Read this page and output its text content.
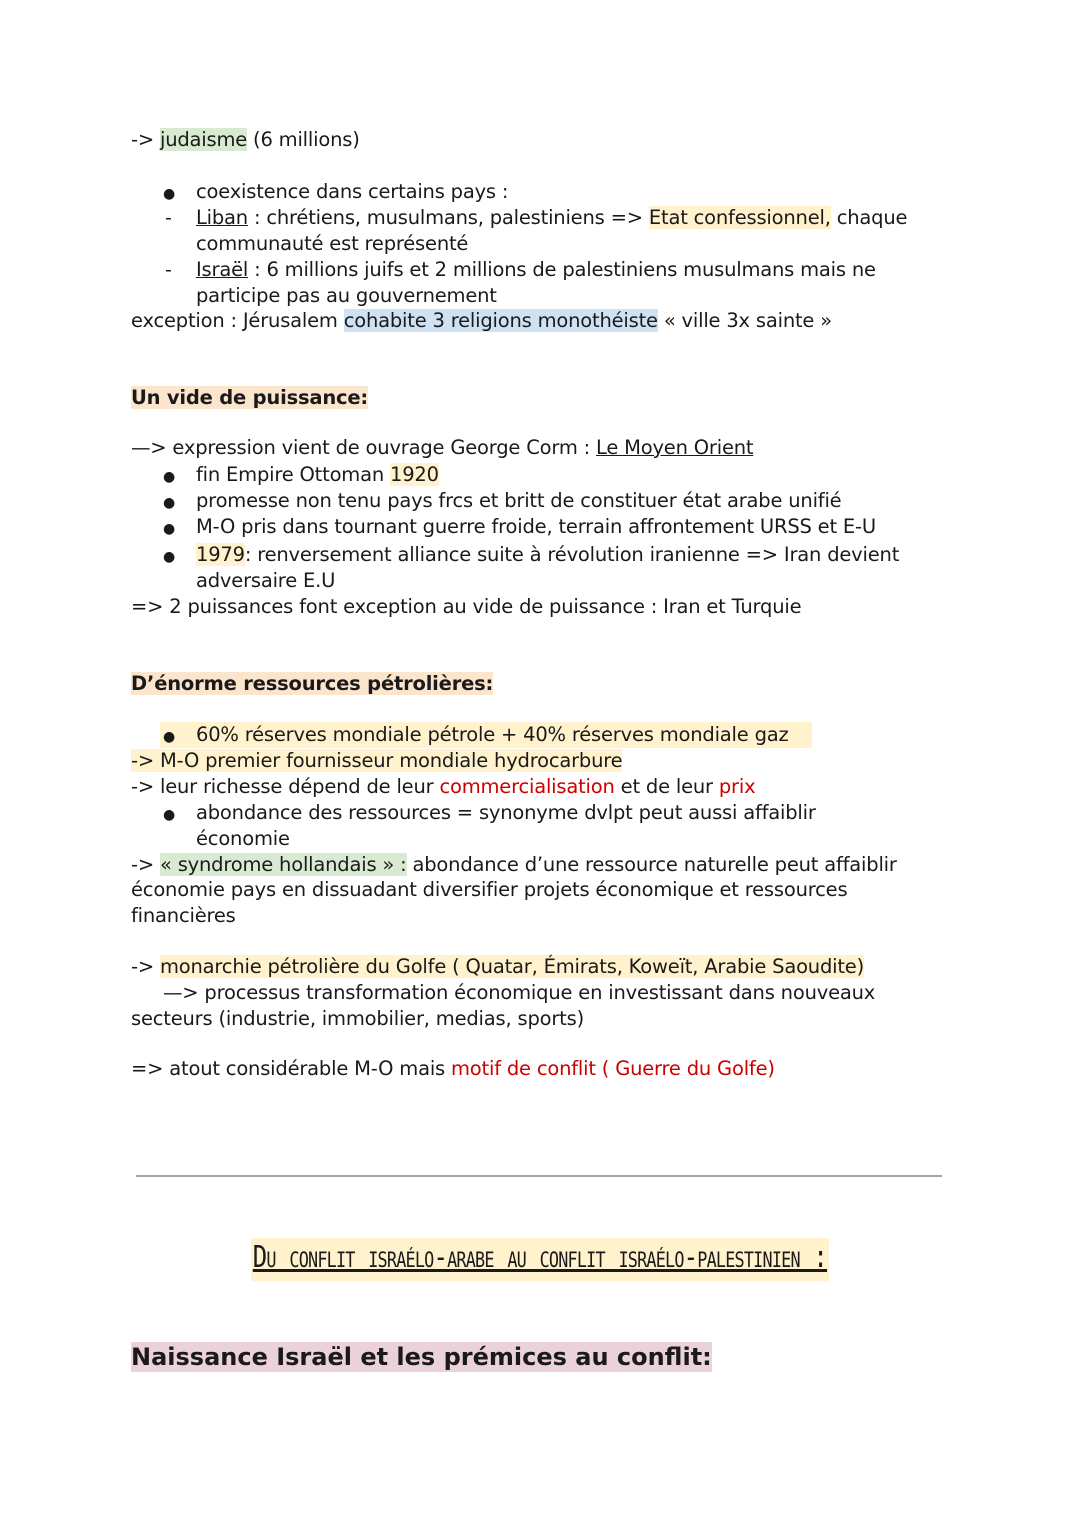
-> judaisme (6 millions)
● coexistence dans certains pays :
- Liban : chrétiens, musulmans, palestiniens => Etat confessionnel, chaque
communauté est représenté
- Israël : 6 millions juifs et 2 millions de palestiniens musulmans mais ne
participe pas au gouvernement
exception : Jérusalem cohabite 3 religions monothéiste « ville 3x sainte »
Un vide de puissance:
—> expression vient de ouvrage George Corm : Le Moyen Orient
● fin Empire Ottoman 1920
● promesse non tenu pays frcs et britt de constituer état arabe unifié
● M-O pris dans tournant guerre froide, terrain affrontement URSS et E-U
● 1979: renversement alliance suite à révolution iranienne => Iran devient
adversaire E.U
=> 2 puissances font exception au vide de puissance : Iran et Turquie
D’énorme ressources pétrolières:
● 60% réserves mondiale pétrole + 40% réserves mondiale gaz
-> M-O premier fournisseur mondiale hydrocarbure
-> leur richesse dépend de leur commercialisation et de leur prix
● abondance des ressources = synonyme dvlpt peut aussi affaiblir
économie
-> « syndrome hollandais » : abondance d’une ressource naturelle peut affaiblir
économie pays en dissuadant diversifier projets économique et ressources
financières
-> monarchie pétrolière du Golfe ( Quatar, Émirats, Koweït, Arabie Saoudite)
—> processus transformation économique en investissant dans nouveaux
secteurs (industrie, immobilier, medias, sports)
=> atout considérable M-O mais motif de conflit ( Guerre du Golfe)
Du conflit israélo-arabe au conflit israélo-palestinien :
Naissance Israël et les prémices au conflit:
